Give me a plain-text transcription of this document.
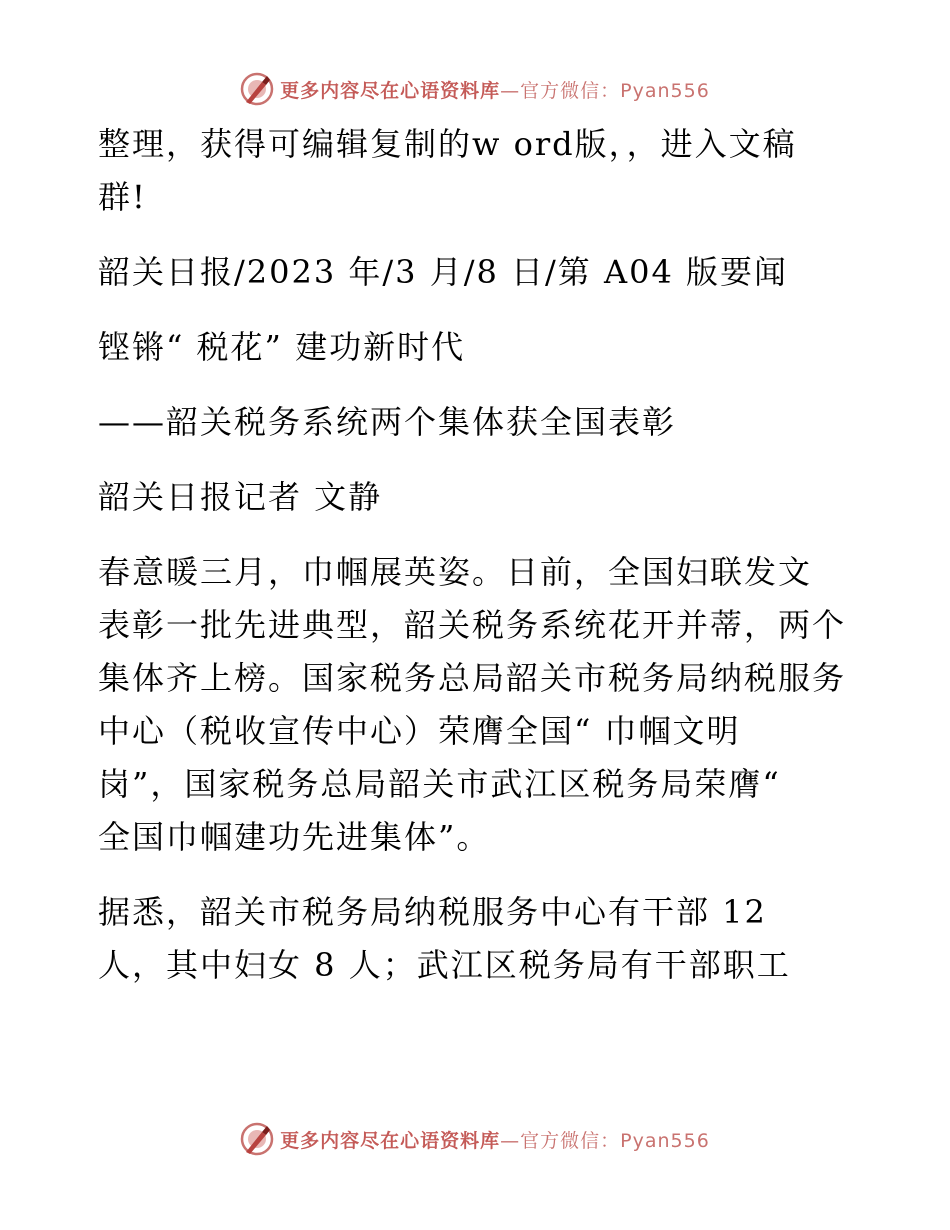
更多内容尽在心语资料库—官方微信：Pyan556

整理，获得可编辑复制的w ord版，，进入文稿

群!

韶关日报/2023 年/3 月/8 日/第 A04 版要闻

铿锵“ 税花” 建功新时代

——韶关税务系统两个集体获全国表彰

韶关日报记者 文静

春意暖三月，巾帼展英姿。日前，全国妇联发文

表彰一批先进典型，韶关税务系统花开并蒂，两个

集体齐上榜。国家税务总局韶关市税务局纳税服务

中心（税收宣传中心）荣膺全国“ 巾帼文明

岗”，国家税务总局韶关市武江区税务局荣膺“

全国巾帼建功先进集体”。

据悉，韶关市税务局纳税服务中心有干部 12

人，其中妇女 8 人；武江区税务局有干部职工

更多内容尽在心语资料库—官方微信：Pyan556
